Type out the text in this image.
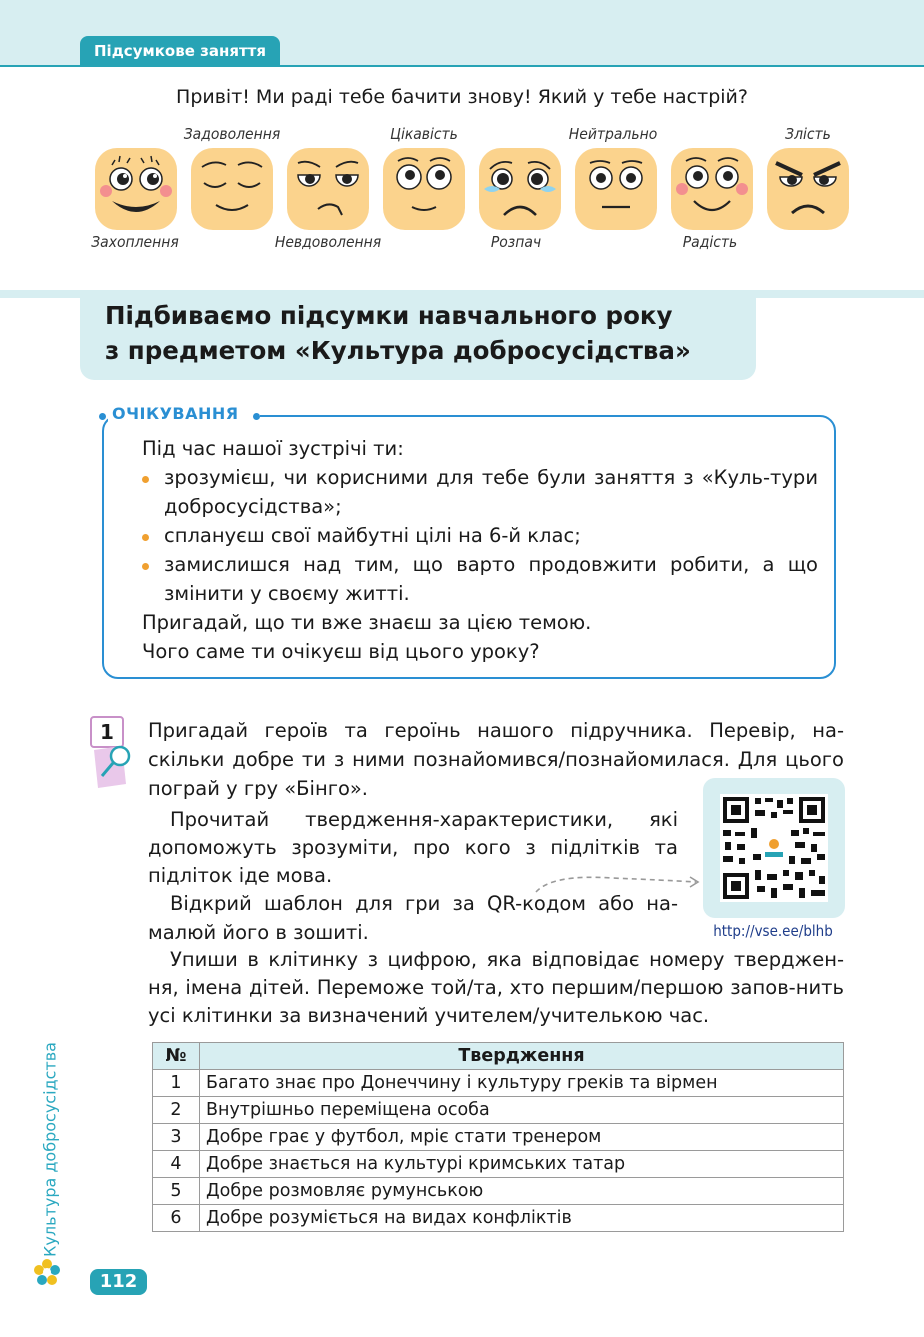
Підсумкове заняття
Привіт! Ми раді тебе бачити знову! Який у тебе настрій?
Захоплення
Задоволення
Невдоволення
Цікавість
Розпач
Нейтрально
Радість
Злість
Підбиваємо підсумки навчального року
з предметом «Культура добросусідства»
ОЧІКУВАННЯ

Під час нашої зустрічі ти:

зрозумієш, чи корисними для тебе були заняття з «Куль-тури добросусідства»;
сплануєш свої майбутні цілі на 6-й клас;
замислишся над тим, що варто продовжити робити, а що змінити у своєму житті.

Пригадай, що ти вже знаєш за цією темою.

Чого саме ти очікуєш від цього уроку?

1	Пригадай героїв та героїнь нашого підручника. Перевір, на-скільки добре ти з ними познайомився/познайомилася. Для цього пограй у гру «Бінго».
Прочитай твердження-характеристики, які допоможуть зрозуміти, про кого з підлітків та підліток іде мова.
Відкрий шаблон для гри за QR-кодом або на-малюй його в зошиті.
Упиши в клітинку з цифрою, яка відповідає номеру тверджен-ня, імена дітей. Переможе той/та, хто першим/першою запов-нить усі клітинки за визначений учителем/учителькою час.
http://vse.ee/blhb
№	Твердження
1	Багато знає про Донеччину і культуру греків та вірмен
2	Внутрішньо переміщена особа
3	Добре грає у футбол, мріє стати тренером
4	Добре знається на культурі кримських татар
5	Добре розмовляє румунською
6	Добре розуміється на видах конфліктів
Культура добросусідства
112
